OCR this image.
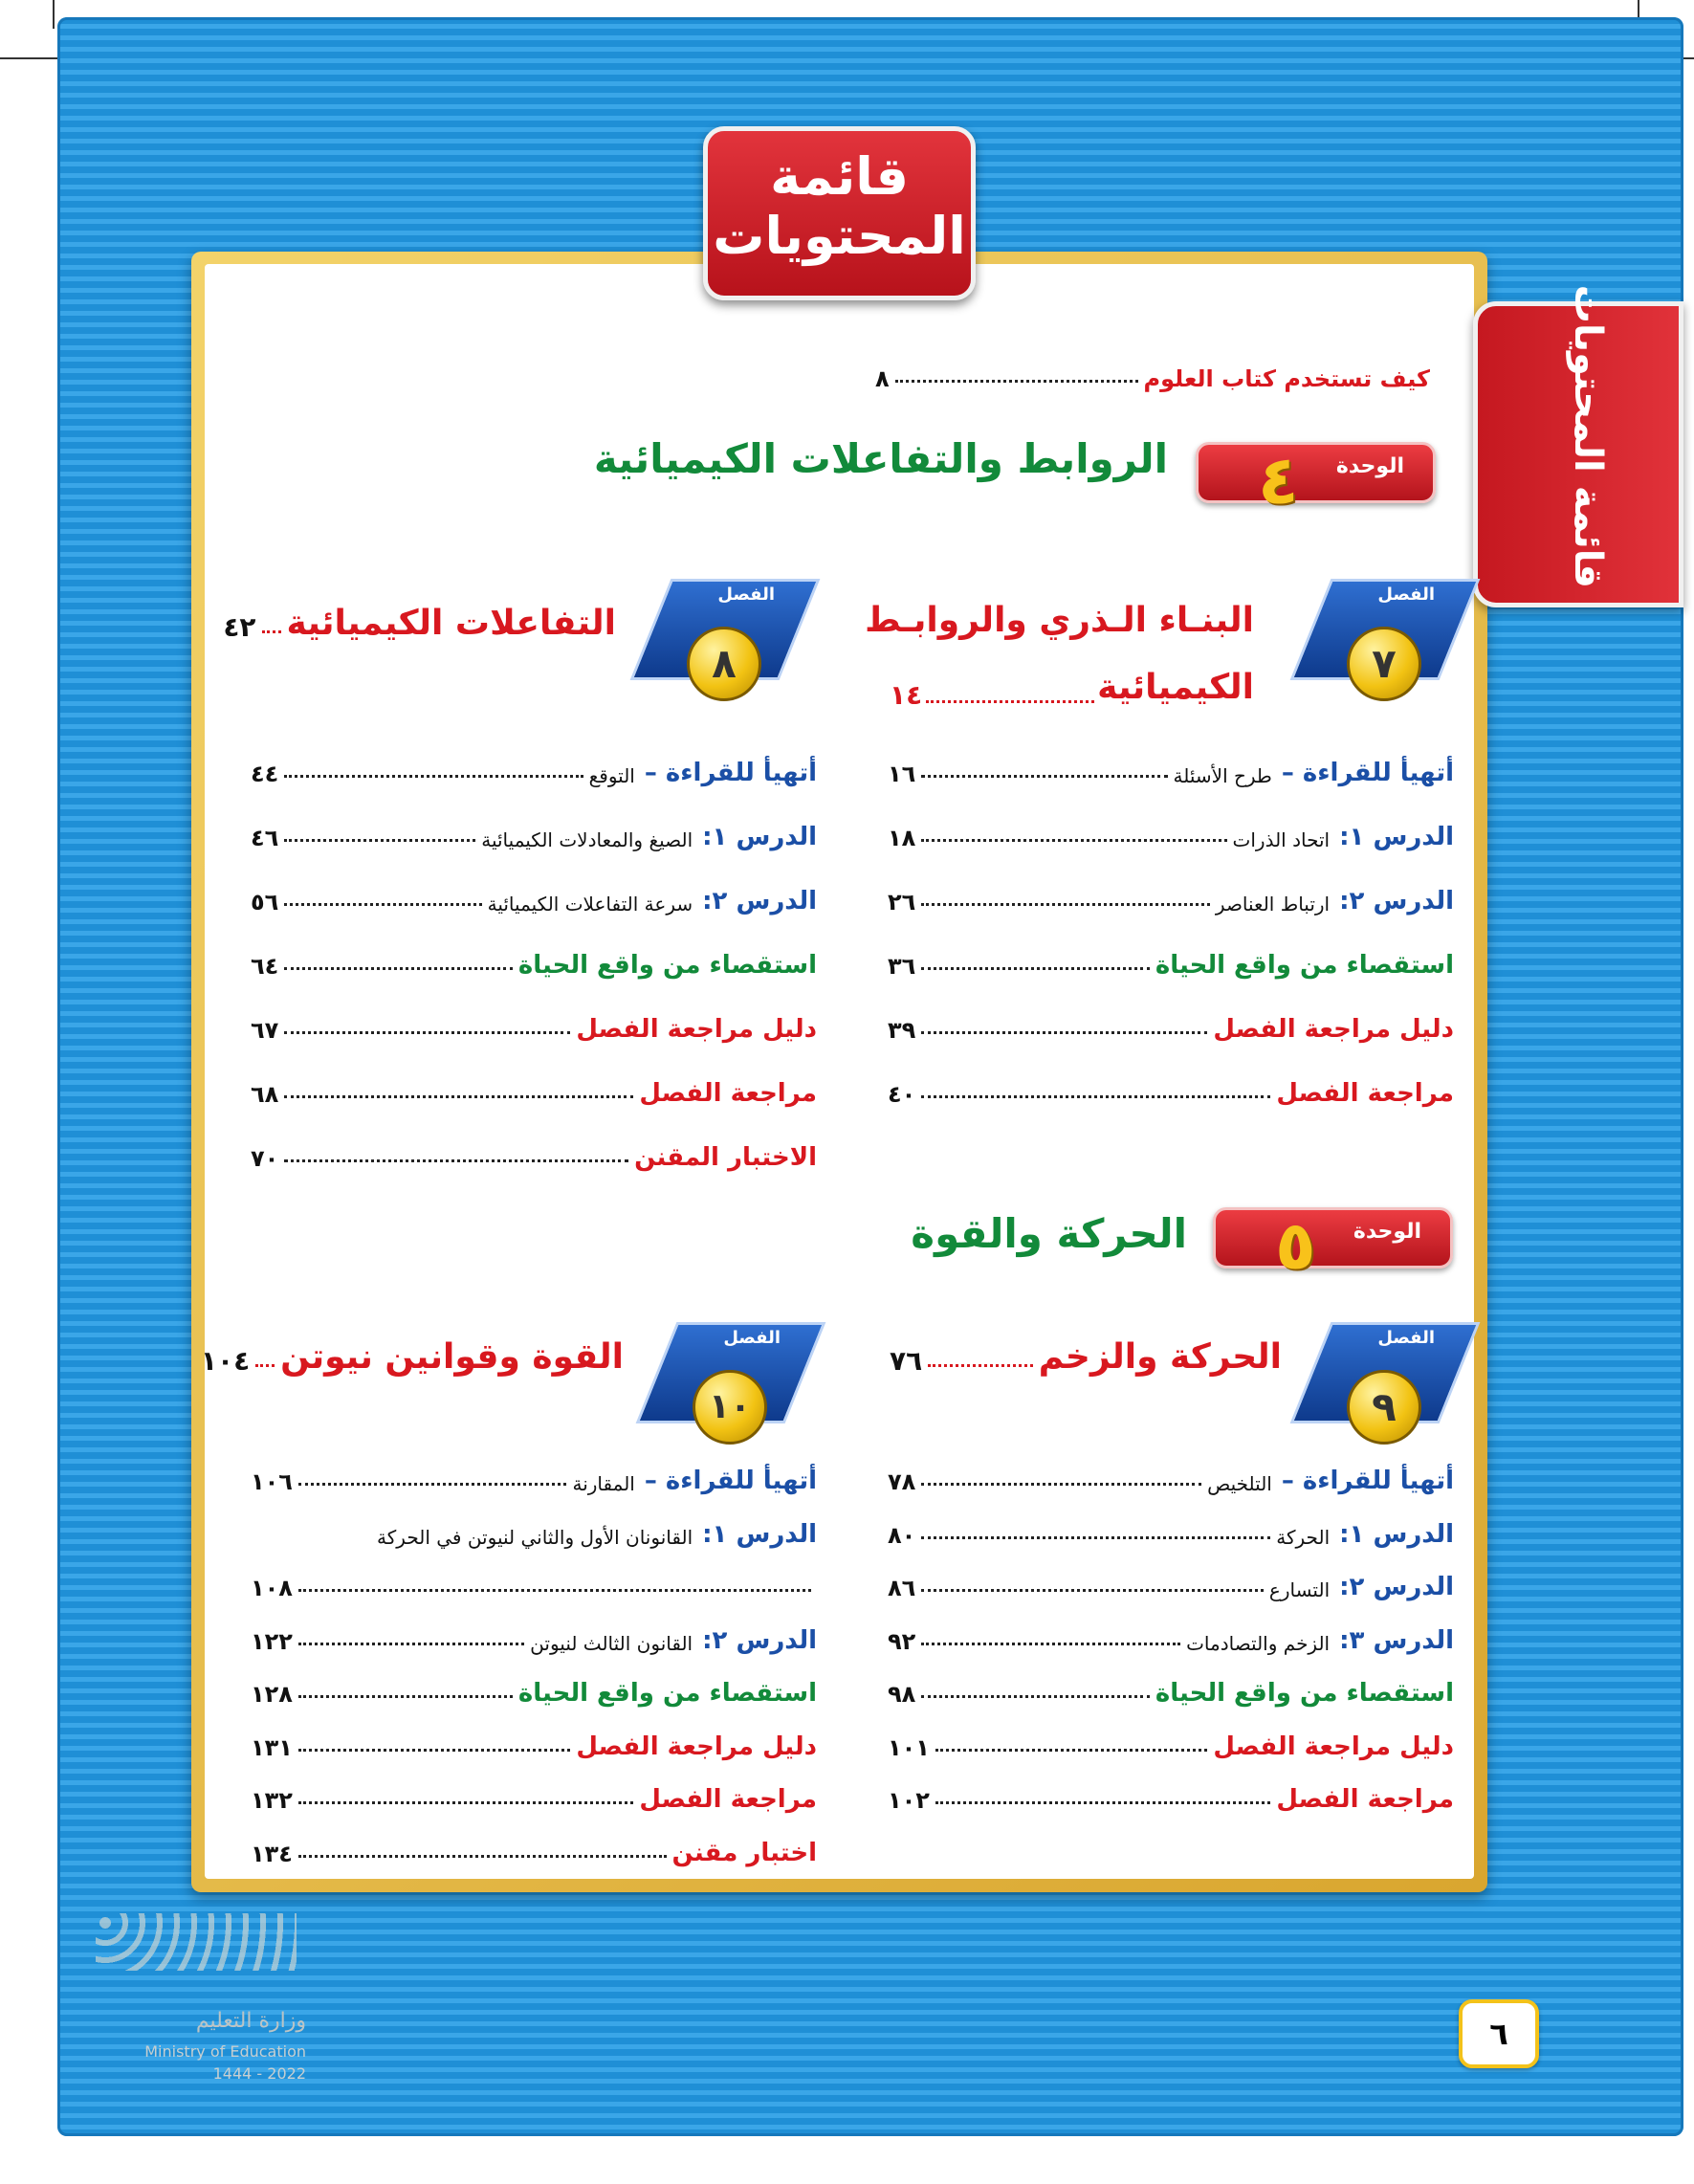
قائمة
المحتويات
قائمة المحتويات
كيف تستخدم كتاب العلوم
٨
الوحدة
٤
الروابط والتفاعلات الكيميائية
الفصل
٧
البنـاء الـذري والروابـط
الكيميائية
١٤
الفصل
٨
التفاعلات الكيميائية
٤٢
أتهيأ للقراءة –
طرح الأسئلة
١٦
الدرس ١:
اتحاد الذرات
١٨
الدرس ٢:
ارتباط العناصر
٢٦
استقصاء من واقع الحياة
٣٦
دليل مراجعة الفصل
٣٩
مراجعة الفصل
٤٠
أتهيأ للقراءة –
التوقع
٤٤
الدرس ١:
الصيغ والمعادلات الكيميائية
٤٦
الدرس ٢:
سرعة التفاعلات الكيميائية
٥٦
استقصاء من واقع الحياة
٦٤
دليل مراجعة الفصل
٦٧
مراجعة الفصل
٦٨
الاختبار المقنن
٧٠
الوحدة
٥
الحركة والقوة
الفصل
٩
الحركة والزخم
٧٦
الفصل
١٠
القوة وقوانين نيوتن
١٠٤
أتهيأ للقراءة –
التلخيص
٧٨
الدرس ١:
الحركة
٨٠
الدرس ٢:
التسارع
٨٦
الدرس ٣:
الزخم والتصادمات
٩٢
استقصاء من واقع الحياة
٩٨
دليل مراجعة الفصل
١٠١
مراجعة الفصل
١٠٢
أتهيأ للقراءة –
المقارنة
١٠٦
الدرس ١:
القانونان الأول والثاني لنيوتن في الحركة
١٠٨
الدرس ٢:
القانون الثالث لنيوتن
١٢٢
استقصاء من واقع الحياة
١٢٨
دليل مراجعة الفصل
١٣١
مراجعة الفصل
١٣٢
اختبار مقنن
١٣٤
٦
وزارة التعليم
Ministry of Education
2022 - 1444
